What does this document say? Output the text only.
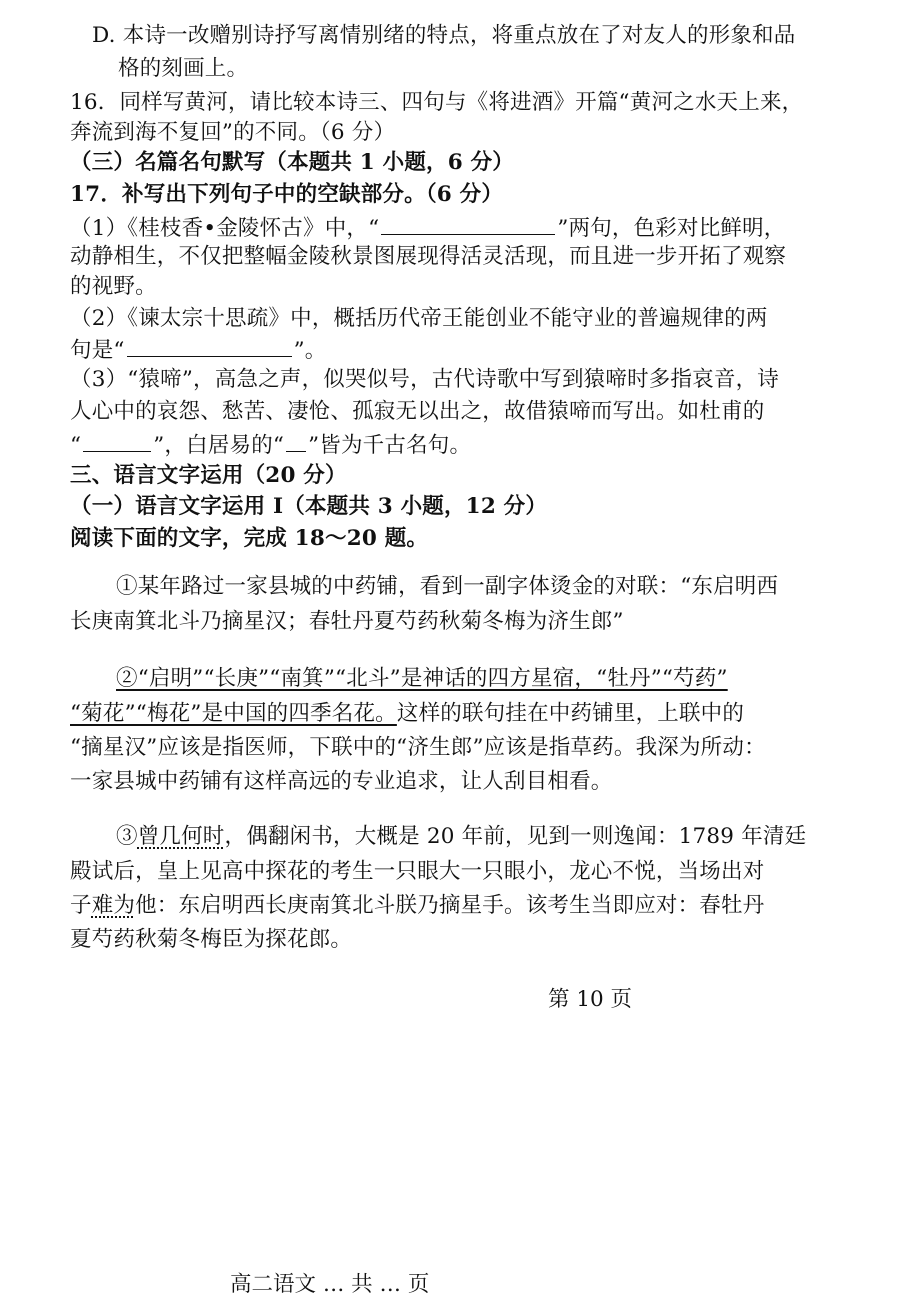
D. 本诗一改赠别诗抒写离情别绪的特点，将重点放在了对友人的形象和品
格的刻画上。
16．同样写黄河，请比较本诗三、四句与《将进酒》开篇“黄河之水天上来，
奔流到海不复回”的不同。（6 分）
（三）名篇名句默写（本题共 1 小题，6 分）
17．补写出下列句子中的空缺部分。（6 分）
（1）《桂枝香•金陵怀古》中，“	”两句，色彩对比鲜明，
动静相生，不仅把整幅金陵秋景图展现得活灵活现，而且进一步开拓了观察
的视野。
（2）《谏太宗十思疏》中，概括历代帝王能创业不能守业的普遍规律的两
句是“	”。
（3）“猿啼”，高急之声，似哭似号，古代诗歌中写到猿啼时多指哀音，诗
人心中的哀怨、愁苦、凄怆、孤寂无以出之，故借猿啼而写出。如杜甫的
“	”，白居易的“ ”皆为千古名句。
三、语言文字运用（20 分）
（一）语言文字运用 I（本题共 3 小题，12 分）
阅读下面的文字，完成 18～20 题。
①某年路过一家县城的中药铺，看到一副字体烫金的对联：“东启明西
长庚南箕北斗乃摘星汉；春牡丹夏芍药秋菊冬梅为济生郎”
②“启明”“长庚”“南箕”“北斗”是神话的四方星宿，“牡丹”“芍药”
“菊花”“梅花”是中国的四季名花。这样的联句挂在中药铺里，上联中的
“摘星汉”应该是指医师，下联中的“济生郎”应该是指草药。我深为所动：
一家县城中药铺有这样高远的专业追求，让人刮目相看。
③曾几何时，偶翻闲书，大概是 20 年前，见到一则逸闻：1789 年清廷
殿试后，皇上见高中探花的考生一只眼大一只眼小，龙心不悦，当场出对
子难为他：东启明西长庚南箕北斗朕乃摘星手。该考生当即应对：春牡丹
夏芍药秋菊冬梅臣为探花郎。
第 10 页
高二语文 … 共 … 页
